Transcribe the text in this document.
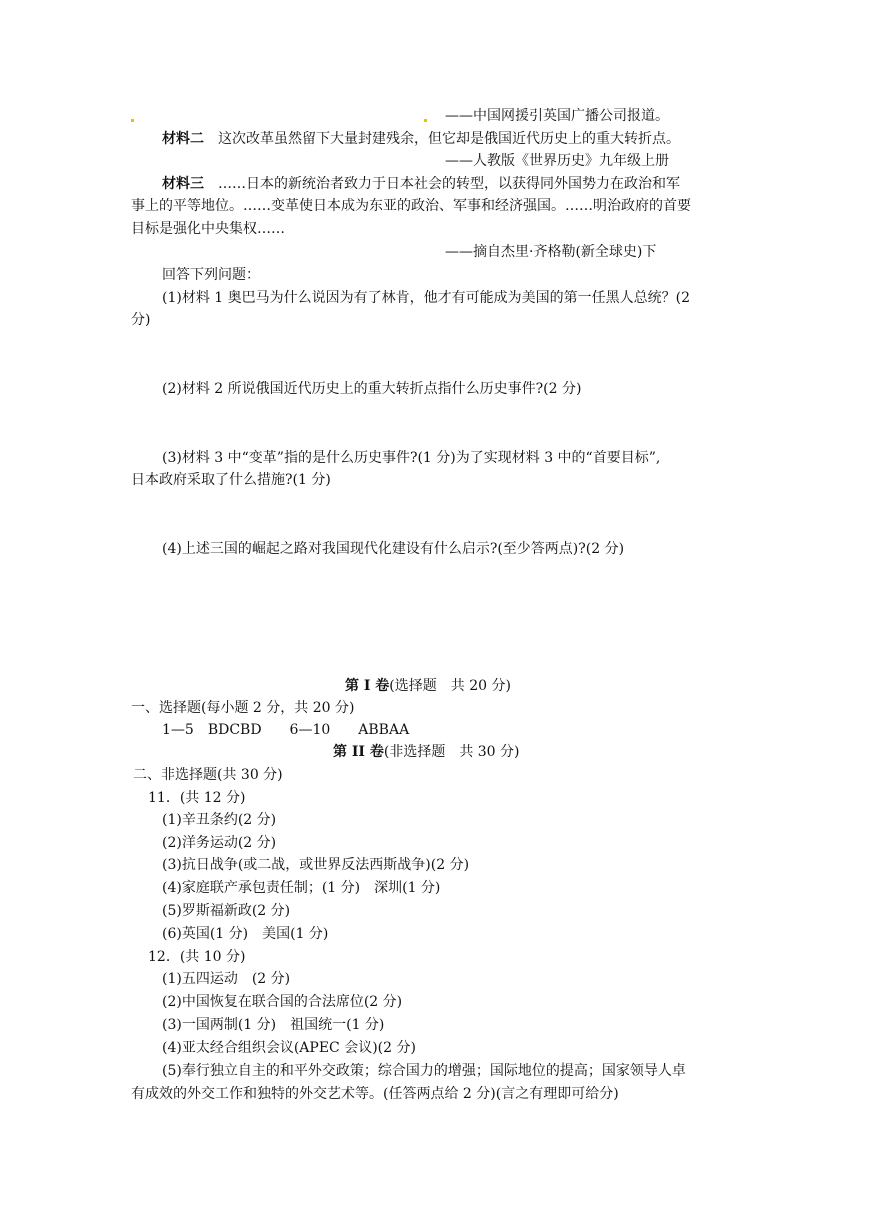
——中国网援引英国广播公司报道。
材料二　 这次改革虽然留下大量封建残余，但它却是俄国近代历史上的重大转折点。
——人教版《世界历史》九年级上册
材料三　 ……日本的新统治者致力于日本社会的转型，以获得同外国势力在政治和军
事上的平等地位。……变革使日本成为东亚的政治、军事和经济强国。……明治政府的首要
目标是强化中央集权……
——摘自杰里·齐格勒(新全球史)下
回答下列问题：
(1)材料 1 奥巴马为什么说因为有了林肯，他才有可能成为美国的第一任黑人总统？(2
分)
(2)材料 2 所说俄国近代历史上的重大转折点指什么历史事件?(2 分)
(3)材料 3 中“变革”指的是什么历史事件?(1 分)为了实现材料 3 中的“首要目标”,
日本政府采取了什么措施?(1 分)
(4)上述三国的崛起之路对我国现代化建设有什么启示?(至少答两点)?(2 分)
第 I 卷(选择题　共 20 分)
一、选择题(每小题 2 分，共 20 分)
1—5　BDCBD　　6—10　　ABBAA
第 II 卷(非选择题　共 30 分)
二、非选择题(共 30 分)
11．(共 12 分)
(1)辛丑条约(2 分)
(2)洋务运动(2 分)
(3)抗日战争(或二战，或世界反法西斯战争)(2 分)
(4)家庭联产承包责任制；(1 分)　深圳(1 分)
(5)罗斯福新政(2 分)
(6)英国(1 分)　美国(1 分)
12．(共 10 分)
(1)五四运动　(2 分)
(2)中国恢复在联合国的合法席位(2 分)
(3)一国两制(1 分)　祖国统一(1 分)
(4)亚太经合组织会议(APEC 会议)(2 分)
(5)奉行独立自主的和平外交政策；综合国力的增强；国际地位的提高；国家领导人卓
有成效的外交工作和独特的外交艺术等。(任答两点给 2 分)(言之有理即可给分)
